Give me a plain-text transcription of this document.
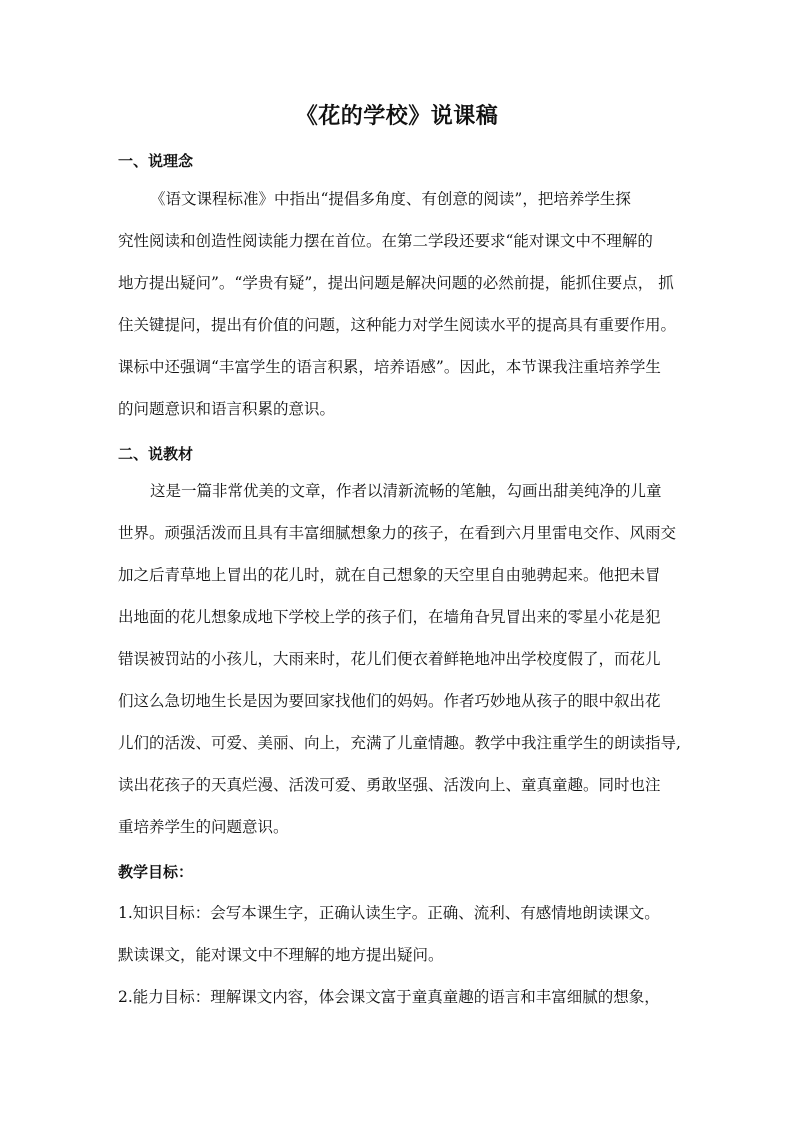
《花的学校》说课稿
一、说理念
《语文课程标准》中指出“提倡多角度、有创意的阅读”，把培养学生探
究性阅读和创造性阅读能力摆在首位。在第二学段还要求“能对课文中不理解的
地方提出疑问”。“学贵有疑”，提出问题是解决问题的必然前提，能抓住要点， 抓
住关键提问，提出有价值的问题，这种能力对学生阅读水平的提高具有重要作用。
课标中还强调“丰富学生的语言积累，培养语感”。因此，本节课我注重培养学生
的问题意识和语言积累的意识。
二、说教材
这是一篇非常优美的文章，作者以清新流畅的笔触，勾画出甜美纯净的儿童
世界。顽强活泼而且具有丰富细腻想象力的孩子，在看到六月里雷电交作、风雨交
加之后青草地上冒出的花儿时，就在自己想象的天空里自由驰骋起来。他把未冒
出地面的花儿想象成地下学校上学的孩子们，在墙角旮旯冒出来的零星小花是犯
错误被罚站的小孩儿，大雨来时，花儿们便衣着鲜艳地冲出学校度假了，而花儿
们这么急切地生长是因为要回家找他们的妈妈。作者巧妙地从孩子的眼中叙出花
儿们的活泼、可爱、美丽、向上，充满了儿童情趣。教学中我注重学生的朗读指导,
读出花孩子的天真烂漫、活泼可爱、勇敢坚强、活泼向上、童真童趣。同时也注
重培养学生的问题意识。
教学目标：
1.知识目标：会写本课生字，正确认读生字。正确、流利、有感情地朗读课文。
默读课文，能对课文中不理解的地方提出疑问。
2.能力目标：理解课文内容，体会课文富于童真童趣的语言和丰富细腻的想象，
